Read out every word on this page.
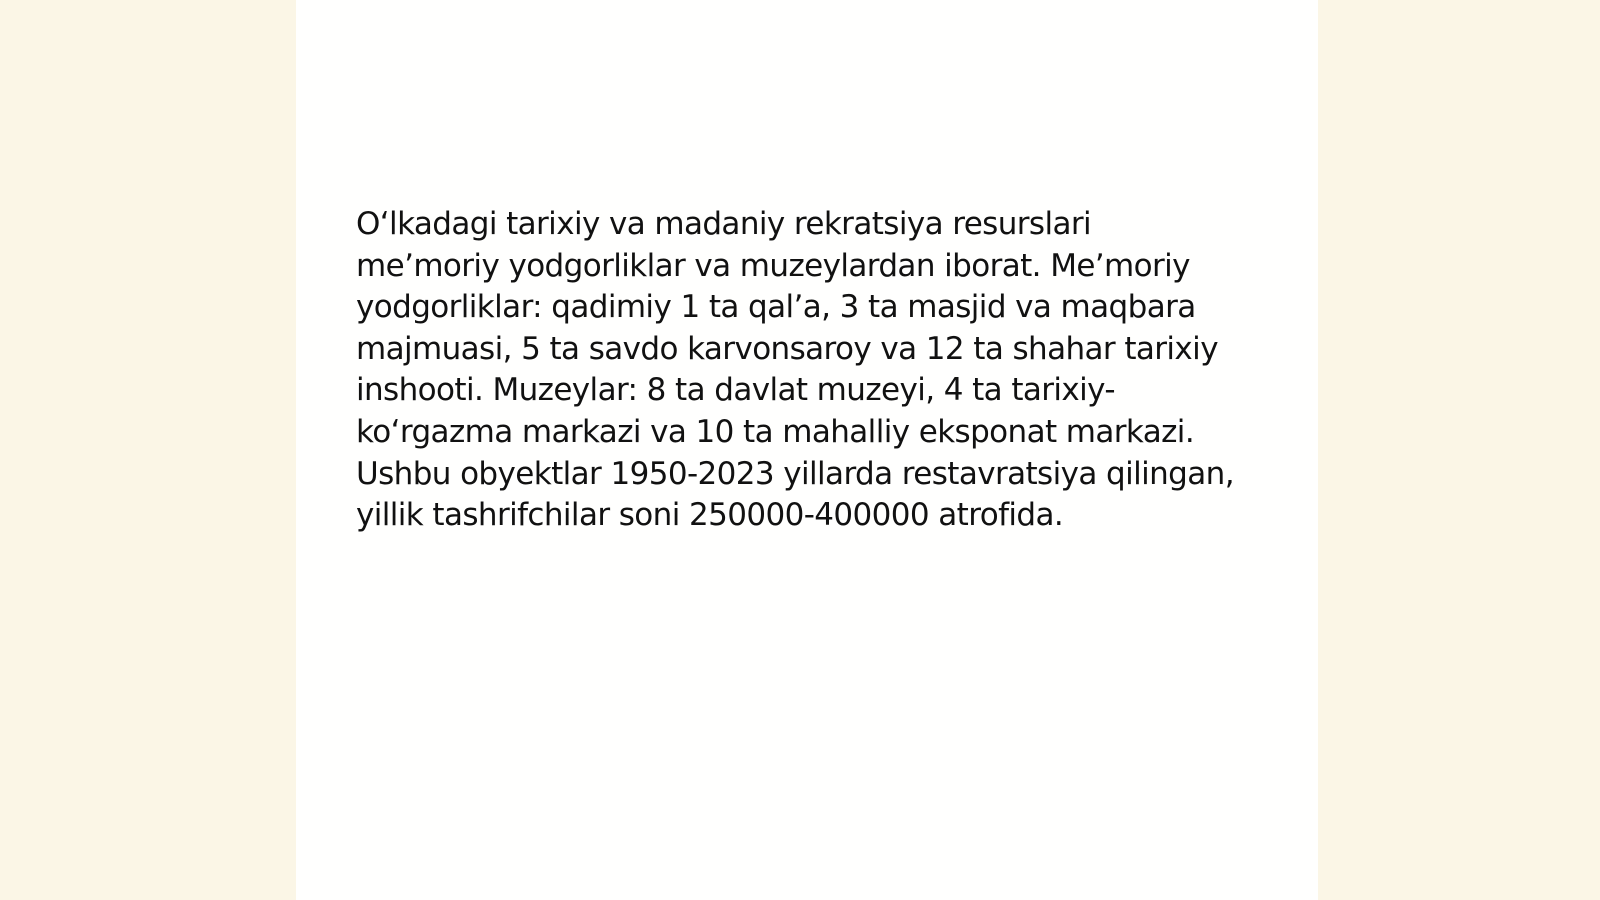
O‘lkadagi tarixiy va madaniy rekratsiya resurslari me’moriy yodgorliklar va muzeylardan iborat. Me’moriy yodgorliklar: qadimiy 1 ta qal’a, 3 ta masjid va maqbara majmuasi, 5 ta savdo karvonsaroy va 12 ta shahar tarixiy inshooti. Muzeylar: 8 ta davlat muzeyi, 4 ta tarixiy-ko‘rgazma markazi va 10 ta mahalliy eksponat markazi. Ushbu obyektlar 1950-2023 yillarda restavratsiya qilingan, yillik tashrifchilar soni 250000-400000 atrofida.
